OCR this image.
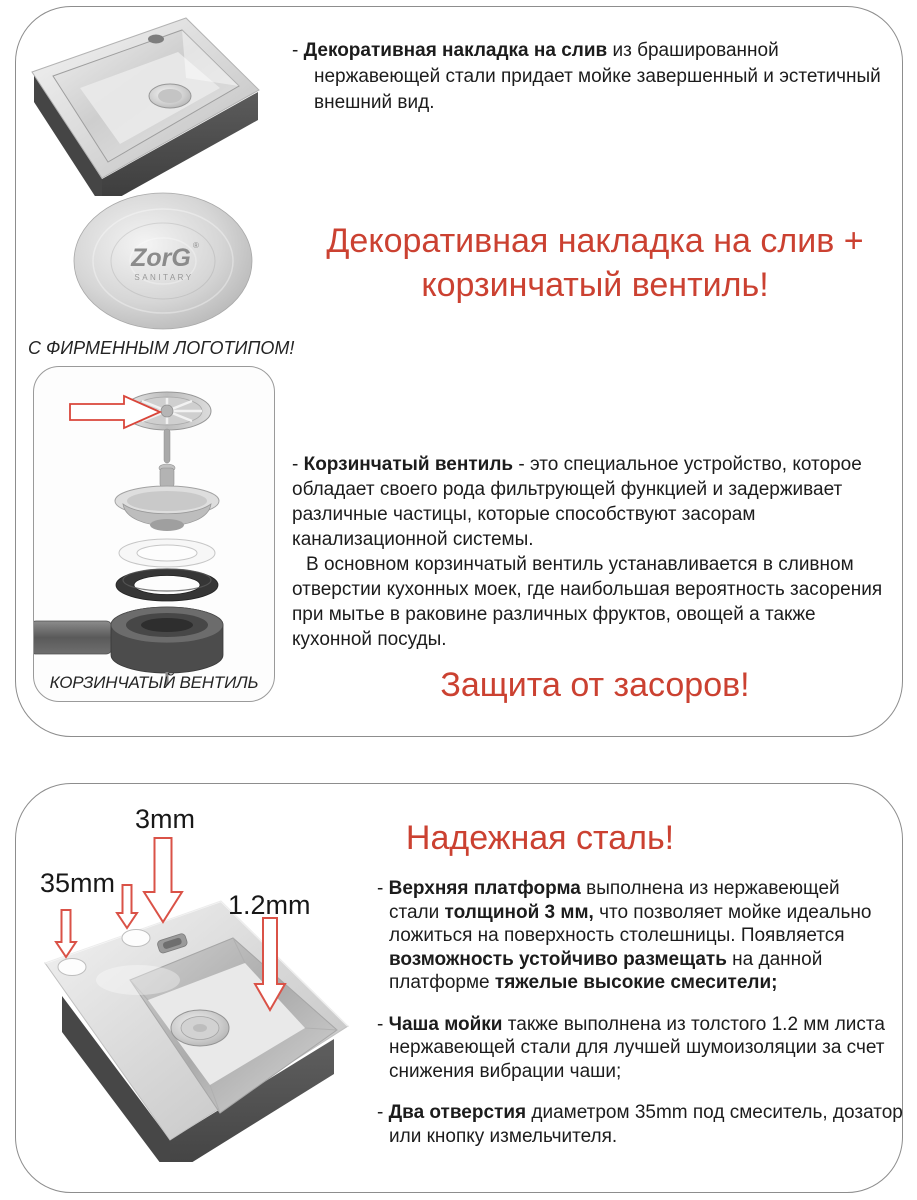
- Декоративная накладка на слив из брашированной
нержавеющей стали придает мойке завершенный и эстетичный
внешний вид.
ZorG ®
SANITARY
Декоративная накладка на слив + корзинчатый вентиль!
С ФИРМЕННЫМ ЛОГОТИПОМ!
КОРЗИНЧАТЫЙ ВЕНТИЛЬ
- Корзинчатый вентиль - это специальное устройство, которое
обладает своего рода фильтрующей функцией и задерживает
различные частицы, которые способствуют засорам
канализационной системы.
В основном корзинчатый вентиль устанавливается в сливном
отверстии кухонных моек, где наибольшая вероятность засорения
при мытье в раковине различных фруктов, овощей а также
кухонной посуды.
Защита от засоров!
Надежная сталь!
3mm
35mm
1.2mm
- Верхняя платформа выполнена из нержавеющей
стали толщиной 3 мм, что позволяет мойке идеально
ложиться на поверхность столешницы. Появляется
возможность устойчиво размещать на данной
платформе тяжелые высокие смесители;
- Чаша мойки также выполнена из толстого 1.2 мм листа
нержавеющей стали для лучшей шумоизоляции за счет
снижения вибрации чаши;
- Два отверстия диаметром 35mm под смеситель, дозатор
или кнопку измельчителя.
